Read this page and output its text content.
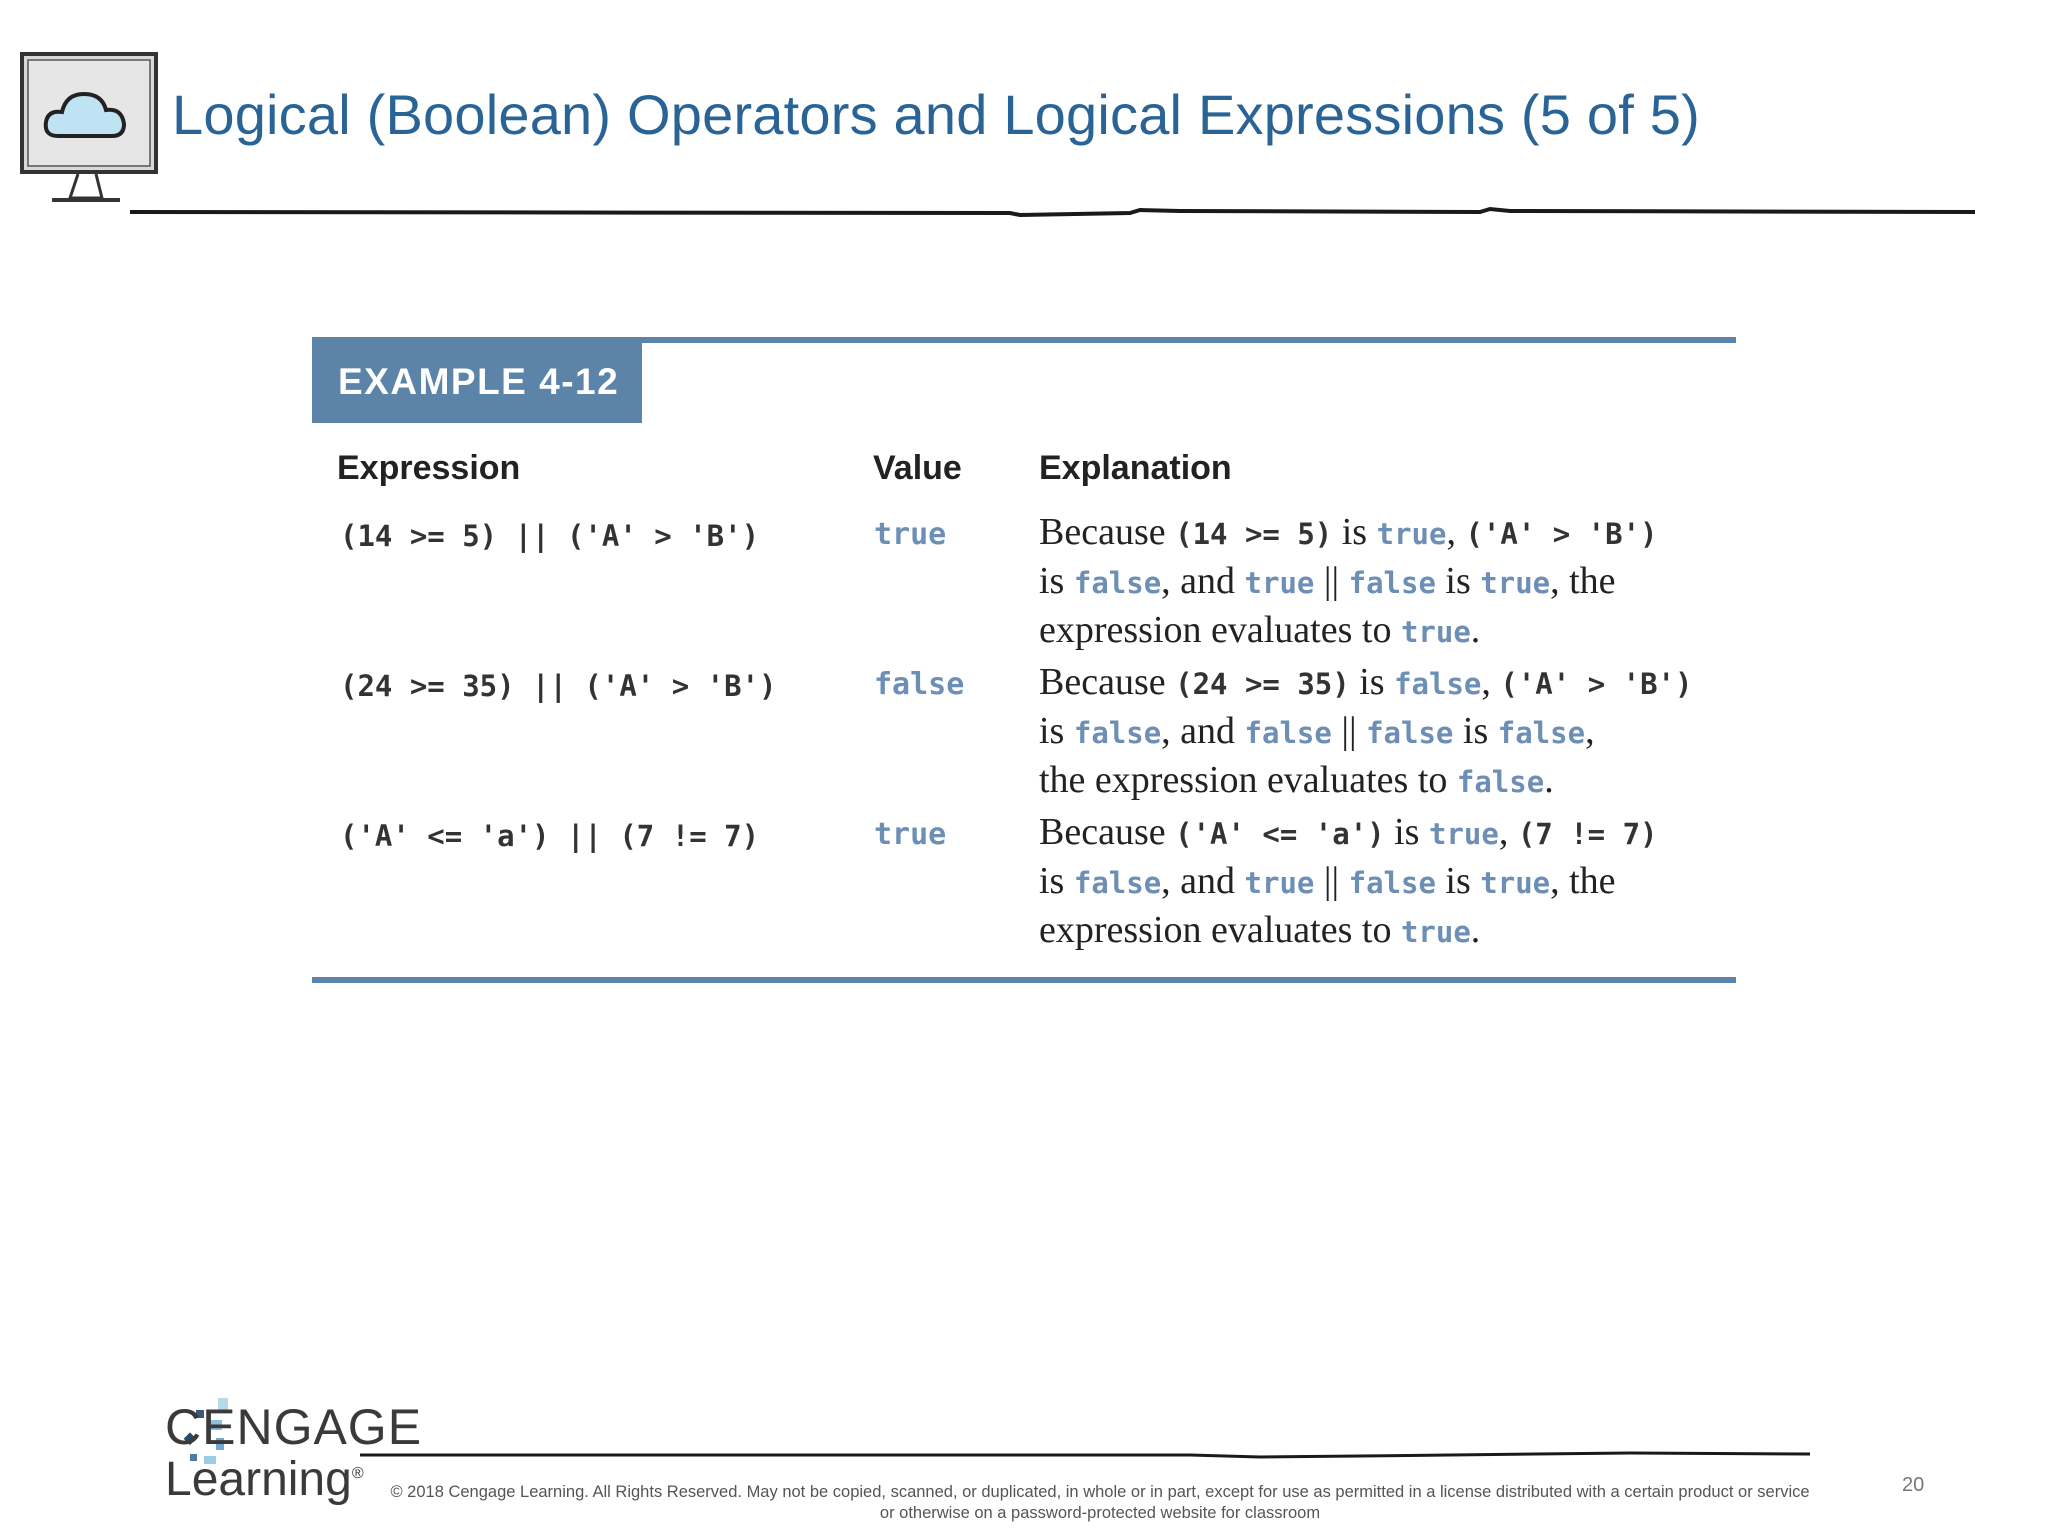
Logical (Boolean) Operators and Logical Expressions (5 of 5)
EXAMPLE 4-12
Expression	Value Explanation
(14 >= 5) || ('A' > 'B')	true Because (14 >= 5) is true, ('A' > 'B')
is false, and true || false is true, the
expression evaluates to true.
(24 >= 35) || ('A' > 'B')	false Because (24 >= 35) is false, ('A' > 'B')
is false, and false || false is false,
the expression evaluates to false.
('A' <= 'a') || (7 != 7)	true Because ('A' <= 'a') is true, (7 != 7)
is false, and true || false is true, the
expression evaluates to true.
CENGAGE
Learning®
© 2018 Cengage Learning. All Rights Reserved. May not be copied, scanned, or duplicated, in whole or in part, except for use as permitted in a license distributed with a certain product or service
or otherwise on a password-protected website for classroom
20
